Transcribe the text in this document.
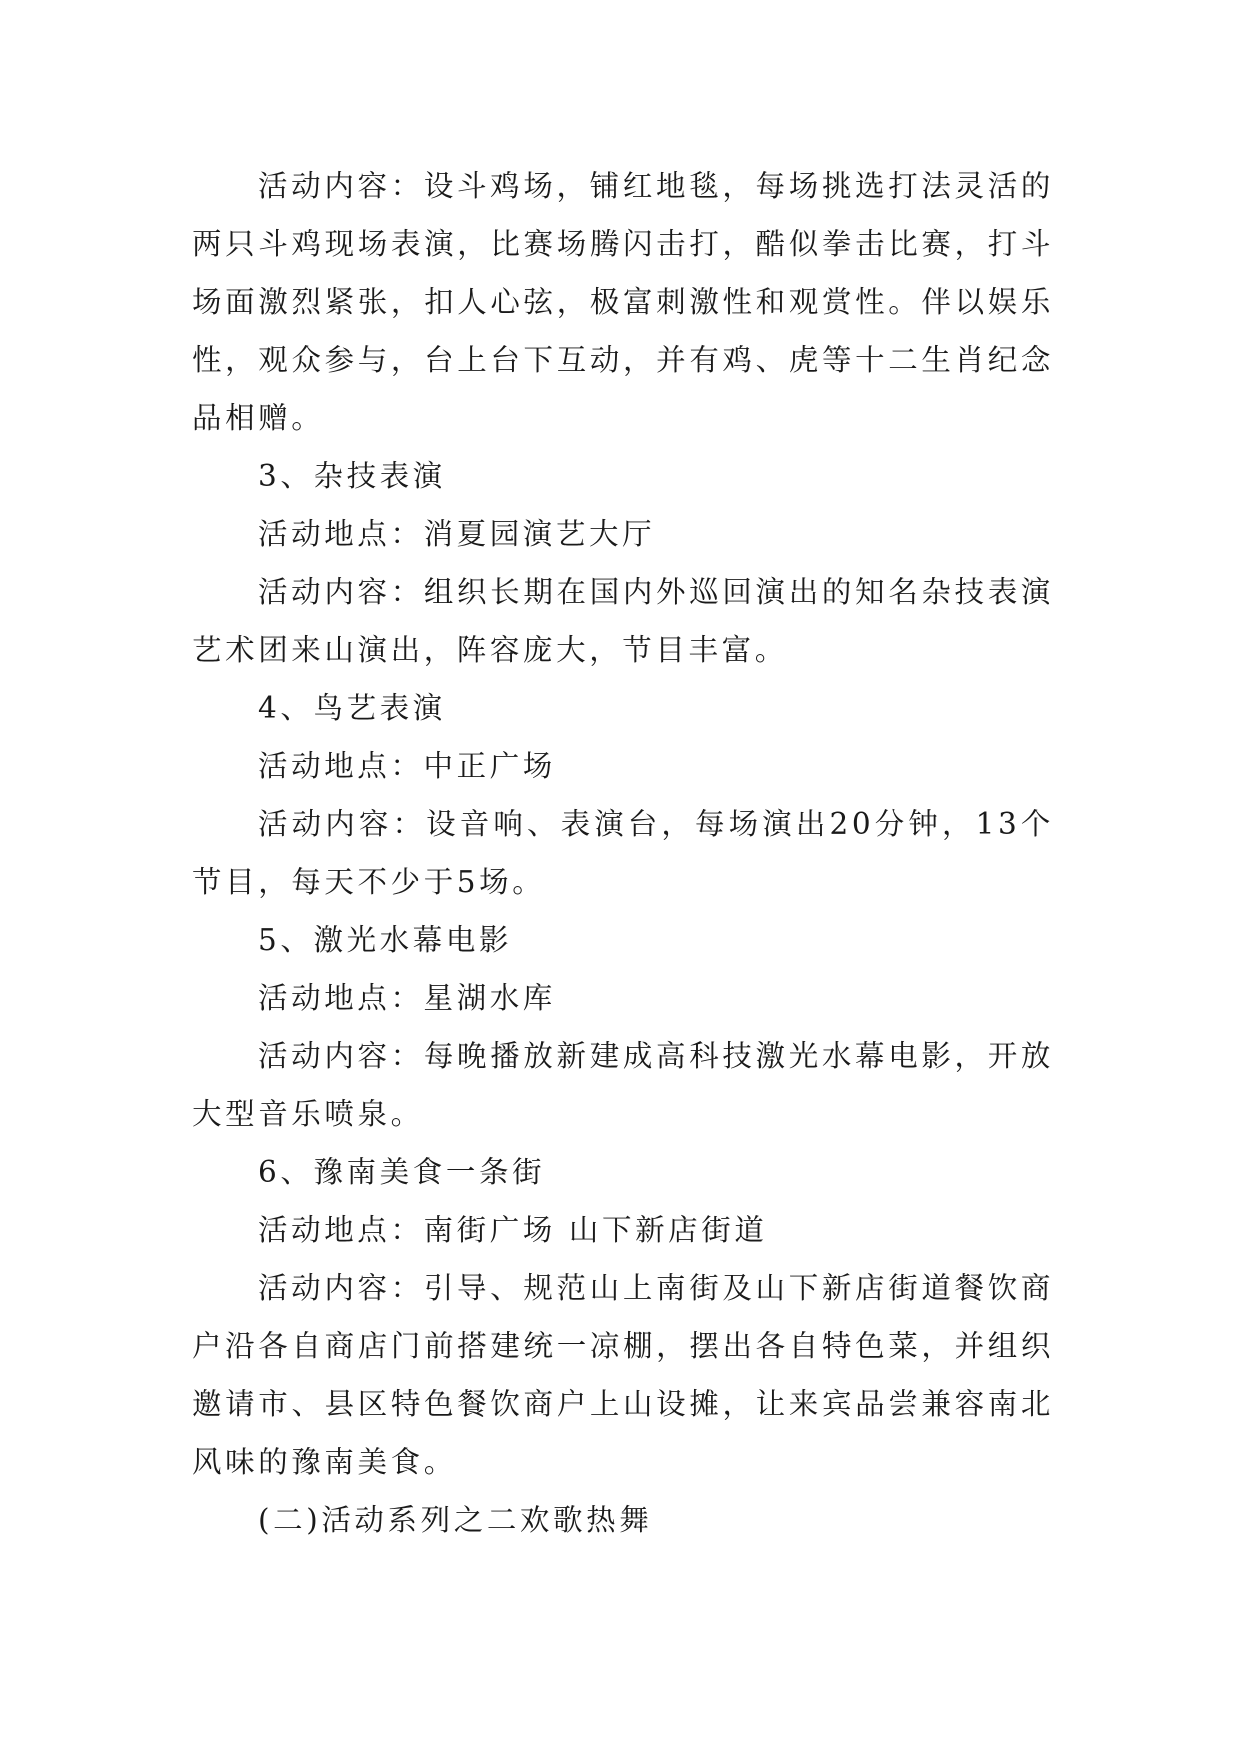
活动内容：设斗鸡场，铺红地毯，每场挑选打法灵活的两只斗鸡现场表演，比赛场腾闪击打，酷似拳击比赛，打斗场面激烈紧张，扣人心弦，极富刺激性和观赏性。伴以娱乐性，观众参与，台上台下互动，并有鸡、虎等十二生肖纪念品相赠。

3、杂技表演

活动地点：消夏园演艺大厅

活动内容：组织长期在国内外巡回演出的知名杂技表演艺术团来山演出，阵容庞大，节目丰富。

4、鸟艺表演

活动地点：中正广场

活动内容：设音响、表演台，每场演出20分钟，13个节目，每天不少于5场。

5、激光水幕电影

活动地点：星湖水库

活动内容：每晚播放新建成高科技激光水幕电影，开放大型音乐喷泉。

6、豫南美食一条街

活动地点：南街广场 山下新店街道

活动内容：引导、规范山上南街及山下新店街道餐饮商户沿各自商店门前搭建统一凉棚，摆出各自特色菜，并组织邀请市、县区特色餐饮商户上山设摊，让来宾品尝兼容南北风味的豫南美食。

(二)活动系列之二欢歌热舞
